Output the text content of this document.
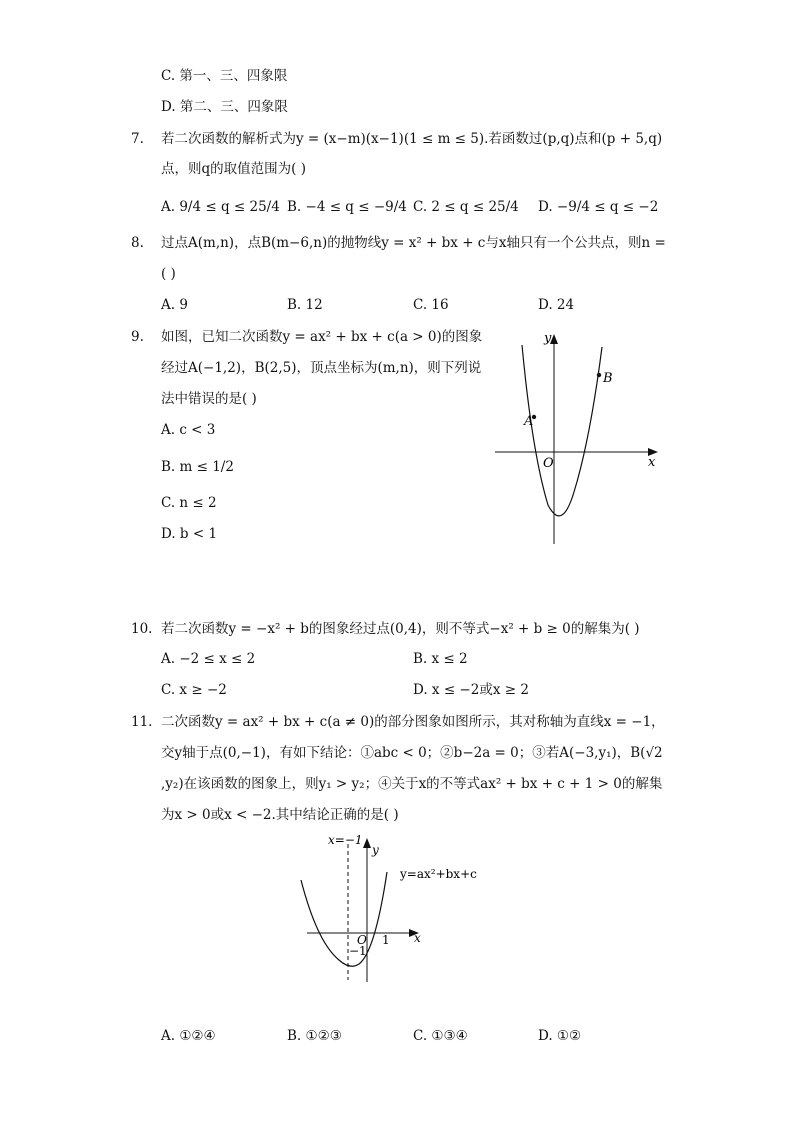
C. 第一、三、四象限
D. 第二、三、四象限
7. 若二次函数的解析式为y = (x−m)(x−1)(1 ≤ m ≤ 5).若函数过(p,q)点和(p + 5,q)
点，则q的取值范围为( )
A. 9/4 ≤ q ≤ 25/4 B. −4 ≤ q ≤ −9/4 C. 2 ≤ q ≤ 25/4 D. −9/4 ≤ q ≤ −2
8. 过点A(m,n)，点B(m−6,n)的抛物线y = x² + bx + c与x轴只有一个公共点，则n =
( )
A. 9	B. 12	C. 16	D. 24
9. 如图，已知二次函数y = ax² + bx + c(a > 0)的图象
经过A(−1,2)，B(2,5)，顶点坐标为(m,n)，则下列说
法中错误的是( )
A. c < 3
B. m ≤ 1/2
C. n ≤ 2
D. b < 1
A
B
O	x
y
10. 若二次函数y = −x² + b的图象经过点(0,4)，则不等式−x² + b ≥ 0的解集为( )
A. −2 ≤ x ≤ 2	B. x ≤ 2
C. x ≥ −2	D. x ≤ −2或x ≥ 2
11. 二次函数y = ax² + bx + c(a ≠ 0)的部分图象如图所示，其对称轴为直线x = −1，
交y轴于点(0,−1)，有如下结论：①abc < 0；②b−2a = 0；③若A(−3,y₁)，B(√2
,y₂)在该函数的图象上，则y₁ > y₂；④关于x的不等式ax² + bx + c + 1 > 0的解集
为x > 0或x < −2.其中结论正确的是( )
x=−1
y
O 1
−1
x
y=ax²+bx+c
A. ①②④	B. ①②③	C. ①③④	D. ①②
